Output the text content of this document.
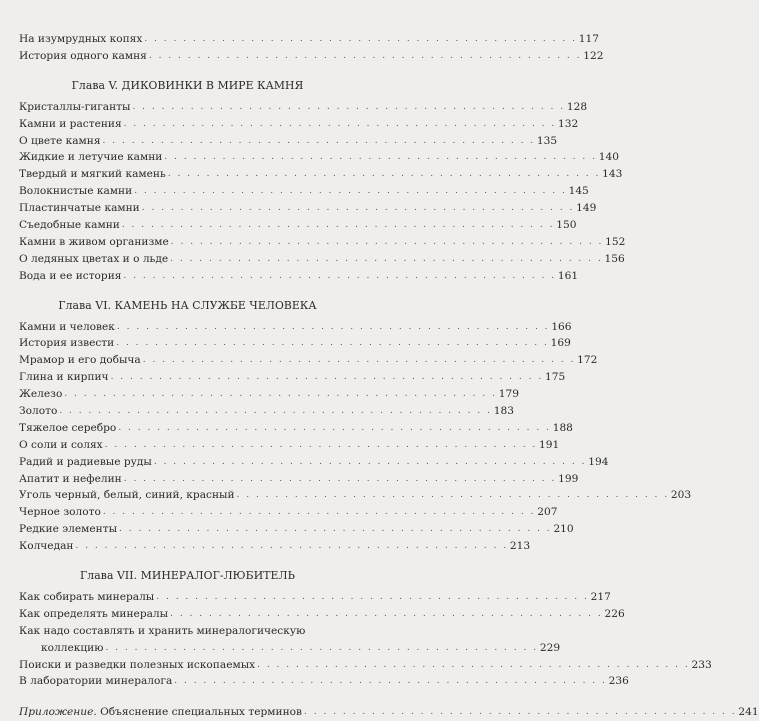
На изумрудных копях . . . . . . . . . . . . . . . . . . . . . . . . . . . . . . . . . . . . . . . . . . . . . 117
История одного камня . . . . . . . . . . . . . . . . . . . . . . . . . . . . . . . . . . . . . . . . . . . . . 122
Глава V. ДИКОВИНКИ В МИРЕ КАМНЯ
Кристаллы-гиганты . . . . . . . . . . . . . . . . . . . . . . . . . . . . . . . . . . . . . . . . . . . . . 128
Камни и растения . . . . . . . . . . . . . . . . . . . . . . . . . . . . . . . . . . . . . . . . . . . . . 132
О цвете камня . . . . . . . . . . . . . . . . . . . . . . . . . . . . . . . . . . . . . . . . . . . . . 135
Жидкие и летучие камни . . . . . . . . . . . . . . . . . . . . . . . . . . . . . . . . . . . . . . . . . . . . . 140
Твердый и мягкий камень . . . . . . . . . . . . . . . . . . . . . . . . . . . . . . . . . . . . . . . . . . . . . 143
Волокнистые камни . . . . . . . . . . . . . . . . . . . . . . . . . . . . . . . . . . . . . . . . . . . . . 145
Пластинчатые камни . . . . . . . . . . . . . . . . . . . . . . . . . . . . . . . . . . . . . . . . . . . . . 149
Съедобные камни . . . . . . . . . . . . . . . . . . . . . . . . . . . . . . . . . . . . . . . . . . . . . 150
Камни в живом организме . . . . . . . . . . . . . . . . . . . . . . . . . . . . . . . . . . . . . . . . . . . . . 152
О ледяных цветах и о льде . . . . . . . . . . . . . . . . . . . . . . . . . . . . . . . . . . . . . . . . . . . . . 156
Вода и ее история . . . . . . . . . . . . . . . . . . . . . . . . . . . . . . . . . . . . . . . . . . . . . 161
Глава VI. КАМЕНЬ НА СЛУЖБЕ ЧЕЛОВЕКА
Камни и человек . . . . . . . . . . . . . . . . . . . . . . . . . . . . . . . . . . . . . . . . . . . . . 166
История извести . . . . . . . . . . . . . . . . . . . . . . . . . . . . . . . . . . . . . . . . . . . . . 169
Мрамор и его добыча . . . . . . . . . . . . . . . . . . . . . . . . . . . . . . . . . . . . . . . . . . . . . 172
Глина и кирпич . . . . . . . . . . . . . . . . . . . . . . . . . . . . . . . . . . . . . . . . . . . . . 175
Железо . . . . . . . . . . . . . . . . . . . . . . . . . . . . . . . . . . . . . . . . . . . . . 179
Золото . . . . . . . . . . . . . . . . . . . . . . . . . . . . . . . . . . . . . . . . . . . . . 183
Тяжелое серебро . . . . . . . . . . . . . . . . . . . . . . . . . . . . . . . . . . . . . . . . . . . . . 188
О соли и солях . . . . . . . . . . . . . . . . . . . . . . . . . . . . . . . . . . . . . . . . . . . . . 191
Радий и радиевые руды . . . . . . . . . . . . . . . . . . . . . . . . . . . . . . . . . . . . . . . . . . . . . 194
Апатит и нефелин . . . . . . . . . . . . . . . . . . . . . . . . . . . . . . . . . . . . . . . . . . . . . 199
Уголь черный, белый, синий, красный . . . . . . . . . . . . . . . . . . . . . . . . . . . . . . . . . . . . . . . . . . . . . 203
Черное золото . . . . . . . . . . . . . . . . . . . . . . . . . . . . . . . . . . . . . . . . . . . . . 207
Редкие элементы . . . . . . . . . . . . . . . . . . . . . . . . . . . . . . . . . . . . . . . . . . . . . 210
Колчедан . . . . . . . . . . . . . . . . . . . . . . . . . . . . . . . . . . . . . . . . . . . . . 213
Глава VII. МИНЕРАЛОГ-ЛЮБИТЕЛЬ
Как собирать минералы . . . . . . . . . . . . . . . . . . . . . . . . . . . . . . . . . . . . . . . . . . . . . 217
Как определять минералы . . . . . . . . . . . . . . . . . . . . . . . . . . . . . . . . . . . . . . . . . . . . . 226
Как надо составлять и хранить минералогическую
коллекцию . . . . . . . . . . . . . . . . . . . . . . . . . . . . . . . . . . . . . . . . . . . . . 229
Поиски и разведки полезных ископаемых . . . . . . . . . . . . . . . . . . . . . . . . . . . . . . . . . . . . . . . . . . . . . 233
В лаборатории минералога . . . . . . . . . . . . . . . . . . . . . . . . . . . . . . . . . . . . . . . . . . . . . 236
Приложение. Объяснение специальных терминов . . . . . . . . . . . . . . . . . . . . . . . . . . . . . . . . . . . . . . . . . . . . . 241
